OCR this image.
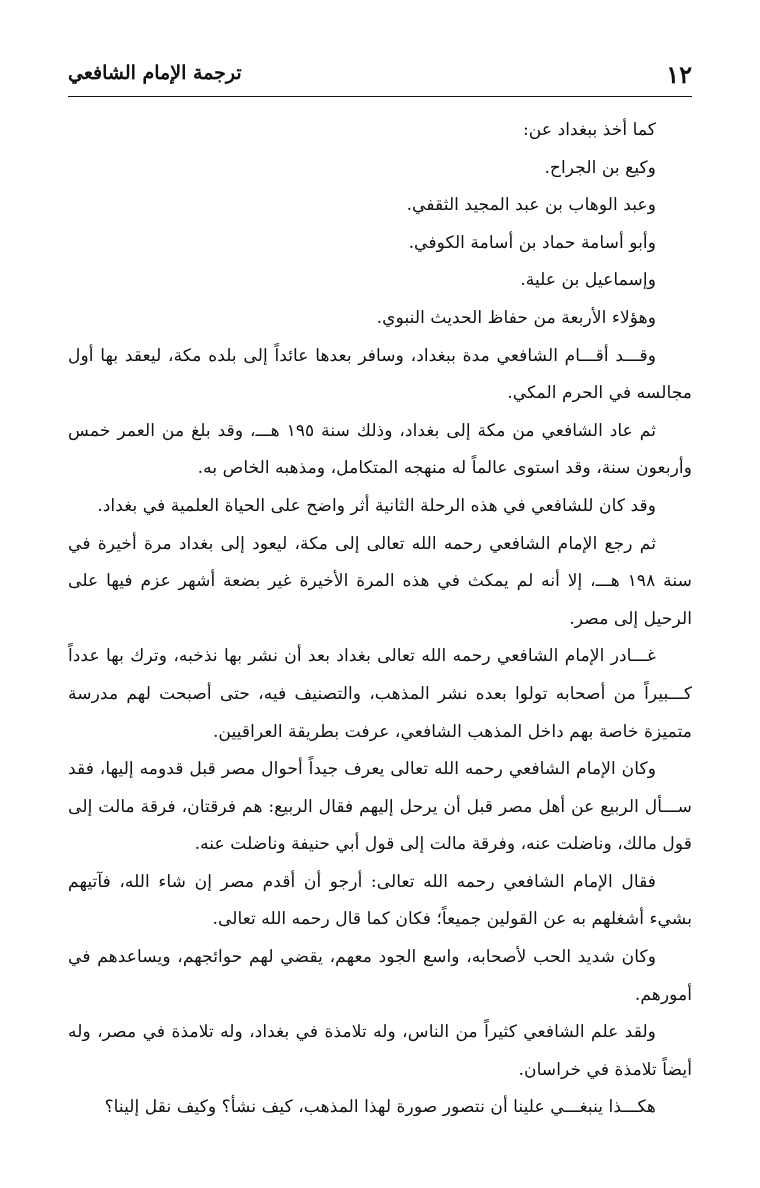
١٢
ترجمة الإمام الشافعي

كما أخذ ببغداد عن:

وكيع بن الجراح.

وعبد الوهاب بن عبد المجيد الثقفي.

وأبو أسامة حماد بن أسامة الكوفي.

وإسماعيل بن علية.

وهؤلاء الأربعة من حفاظ الحديث النبوي.

وقـــد أقـــام الشافعي مدة ببغداد، وسافر بعدها عائداً إلى بلده مكة، ليعقد بها أول مجالسه في الحرم المكي.

ثم عاد الشافعي من مكة إلى بغداد، وذلك سنة ١٩٥ هـــ، وقد بلغ من العمر خمس وأربعون سنة، وقد استوى عالماً له منهجه المتكامل، ومذهبه الخاص به.

وقد كان للشافعي في هذه الرحلة الثانية أثر واضح على الحياة العلمية في بغداد.

ثم رجع الإمام الشافعي رحمه الله تعالى إلى مكة، ليعود إلى بغداد مرة أخيرة في سنة ١٩٨ هـــ، إلا أنه لم يمكث في هذه المرة الأخيرة غير بضعة أشهر عزم فيها على الرحيل إلى مصر.

غـــادر الإمام الشافعي رحمه الله تعالى بغداد بعد أن نشر بها نذخبه، وترك بها عدداً كـــبيراً من أصحابه تولوا بعده نشر المذهب، والتصنيف فيه، حتى أصبحت لهم مدرسة متميزة خاصة بهم داخل المذهب الشافعي، عرفت بطريقة العراقيين.

وكان الإمام الشافعي رحمه الله تعالى يعرف جيداً أحوال مصر قبل قدومه إليها، فقد ســـأل الربيع عن أهل مصر قبل أن يرحل إليهم فقال الربيع: هم فرقتان، فرقة مالت إلى قول مالك، وناضلت عنه، وفرقة مالت إلى قول أبي حنيفة وناضلت عنه.

فقال الإمام الشافعي رحمه الله تعالى: أرجو أن أقدم مصر إن شاء الله، فآتيهم بشيء أشغلهم به عن القولين جميعاً؛ فكان كما قال رحمه الله تعالى.

وكان شديد الحب لأصحابه، واسع الجود معهم، يقضي لهم حوائجهم، ويساعدهم في أمورهم.

ولقد علم الشافعي كثيراً من الناس، وله تلامذة في بغداد، وله تلامذة في مصر، وله أيضاً تلامذة في خراسان.

هكـــذا ينبغـــي علينا أن نتصور صورة لهذا المذهب، كيف نشأ؟ وكيف نقل إلينا؟
